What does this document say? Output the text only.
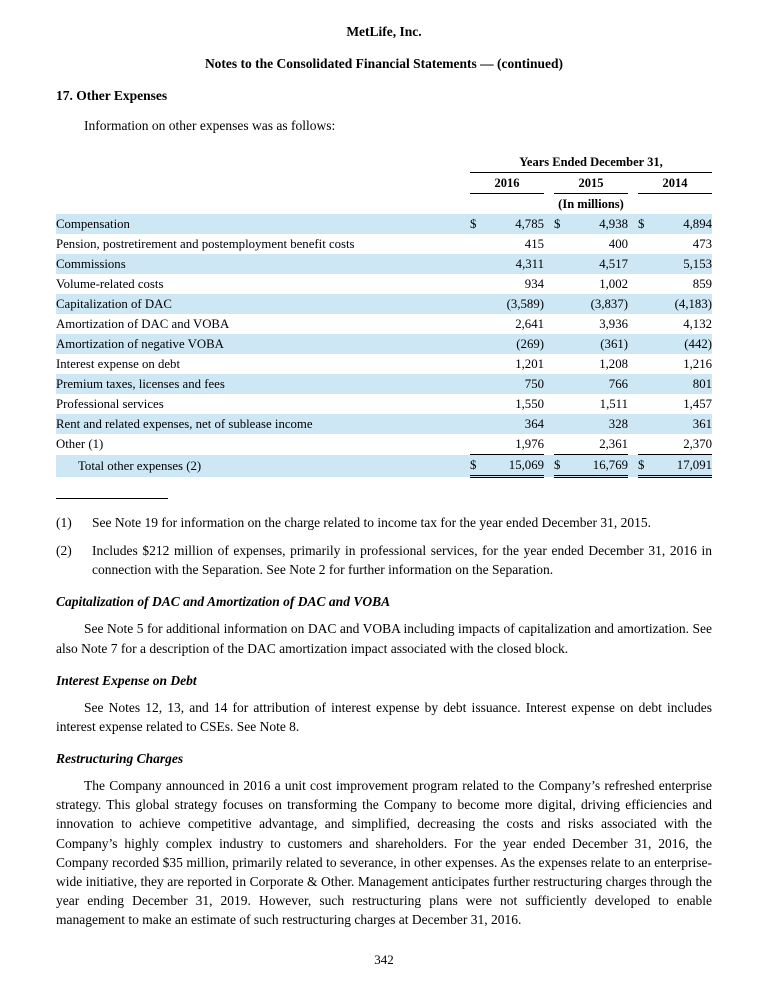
MetLife, Inc.
Notes to the Consolidated Financial Statements — (continued)
17. Other Expenses

Information on other expenses was as follows:

	Years Ended December 31,							
	2016			2015			2014	
	(In millions)							
Compensation	$	4,785		$	4,938		$	4,894
Pension, postretirement and postemployment benefit costs		415			400			473
Commissions		4,311			4,517			5,153
Volume-related costs		934			1,002			859
Capitalization of DAC		(3,589)			(3,837)			(4,183)
Amortization of DAC and VOBA		2,641			3,936			4,132
Amortization of negative VOBA		(269)			(361)			(442)
Interest expense on debt		1,201			1,208			1,216
Premium taxes, licenses and fees		750			766			801
Professional services		1,550			1,511			1,457
Rent and related expenses, net of sublease income		364			328			361
Other (1)		1,976			2,361			2,370
Total other expenses (2)	$	15,069		$	16,769		$	17,091
(1)	See Note 19 for information on the charge related to income tax for the year ended December 31, 2015.
(2)	Includes $212 million of expenses, primarily in professional services, for the year ended December 31, 2016 in connection with the Separation. See Note 2 for further information on the Separation.
Capitalization of DAC and Amortization of DAC and VOBA

See Note 5 for additional information on DAC and VOBA including impacts of capitalization and amortization. See also Note 7 for a description of the DAC amortization impact associated with the closed block.

Interest Expense on Debt

See Notes 12, 13, and 14 for attribution of interest expense by debt issuance. Interest expense on debt includes interest expense related to CSEs. See Note 8.

Restructuring Charges

The Company announced in 2016 a unit cost improvement program related to the Company’s refreshed enterprise strategy. This global strategy focuses on transforming the Company to become more digital, driving efficiencies and innovation to achieve competitive advantage, and simplified, decreasing the costs and risks associated with the Company’s highly complex industry to customers and shareholders. For the year ended December 31, 2016, the Company recorded $35 million, primarily related to severance, in other expenses. As the expenses relate to an enterprise-wide initiative, they are reported in Corporate & Other. Management anticipates further restructuring charges through the year ending December 31, 2019. However, such restructuring plans were not sufficiently developed to enable management to make an estimate of such restructuring charges at December 31, 2016.

342
